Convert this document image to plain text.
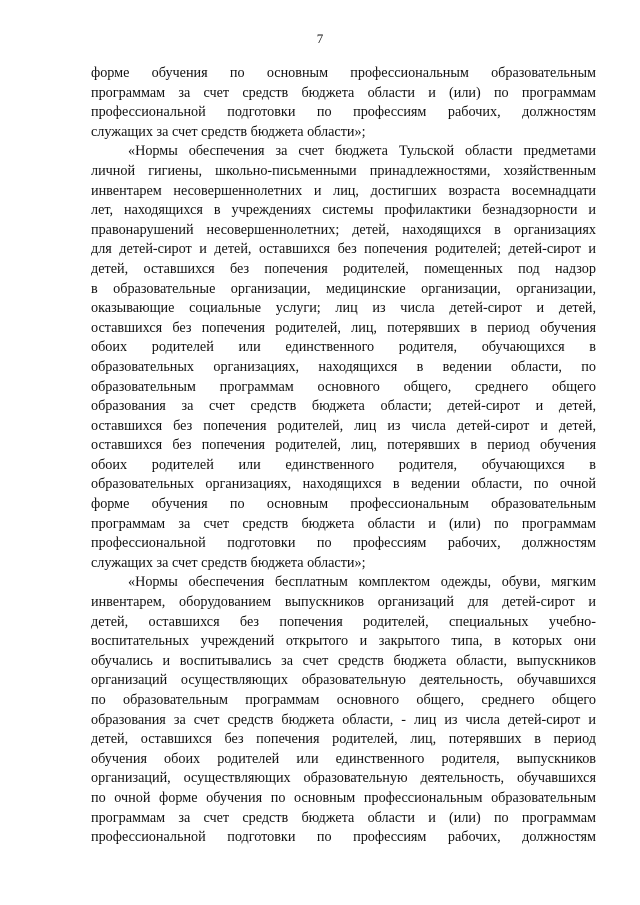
7
форме обучения по основным профессиональным образовательным
программам за счет средств бюджета области и (или) по программам
профессиональной подготовки по профессиям рабочих, должностям
служащих за счет средств бюджета области»;
«Нормы обеспечения за счет бюджета Тульской области предметами
личной гигиены, школьно-письменными принадлежностями, хозяйственным
инвентарем несовершеннолетних и лиц, достигших возраста восемнадцати
лет, находящихся в учреждениях системы профилактики безнадзорности и
правонарушений несовершеннолетних; детей, находящихся в организациях
для детей-сирот и детей, оставшихся без попечения родителей; детей-сирот и
детей, оставшихся без попечения родителей, помещенных под надзор
в образовательные организации, медицинские организации, организации,
оказывающие социальные услуги; лиц из числа детей-сирот и детей,
оставшихся без попечения родителей, лиц, потерявших в период обучения
обоих родителей или единственного родителя, обучающихся в
образовательных организациях, находящихся в ведении области, по
образовательным программам основного общего, среднего общего
образования за счет средств бюджета области; детей-сирот и детей,
оставшихся без попечения родителей, лиц из числа детей-сирот и детей,
оставшихся без попечения родителей, лиц, потерявших в период обучения
обоих родителей или единственного родителя, обучающихся в
образовательных организациях, находящихся в ведении области, по очной
форме обучения по основным профессиональным образовательным
программам за счет средств бюджета области и (или) по программам
профессиональной подготовки по профессиям рабочих, должностям
служащих за счет средств бюджета области»;
«Нормы обеспечения бесплатным комплектом одежды, обуви, мягким
инвентарем, оборудованием выпускников организаций для детей-сирот и
детей, оставшихся без попечения родителей, специальных учебно-
воспитательных учреждений открытого и закрытого типа, в которых они
обучались и воспитывались за счет средств бюджета области, выпускников
организаций осуществляющих образовательную деятельность, обучавшихся
по образовательным программам основного общего, среднего общего
образования за счет средств бюджета области, - лиц из числа детей-сирот и
детей, оставшихся без попечения родителей, лиц, потерявших в период
обучения обоих родителей или единственного родителя, выпускников
организаций, осуществляющих образовательную деятельность, обучавшихся
по очной форме обучения по основным профессиональным образовательным
программам за счет средств бюджета области и (или) по программам
профессиональной подготовки по профессиям рабочих, должностям
